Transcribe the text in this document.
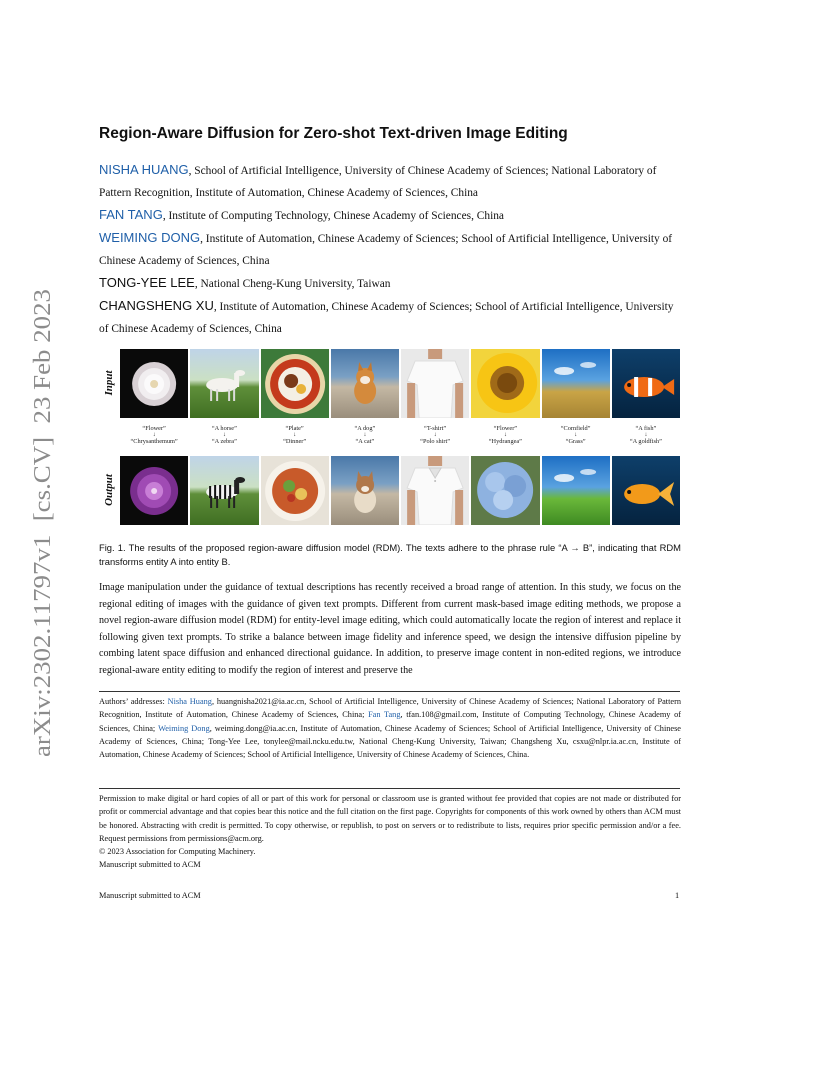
arXiv:2302.11797v1  [cs.CV]  23 Feb 2023
Region-Aware Diffusion for Zero-shot Text-driven Image Editing

NISHA HUANG, School of Artificial Intelligence, University of Chinese Academy of Sciences; National Laboratory of Pattern Recognition, Institute of Automation, Chinese Academy of Sciences, China

FAN TANG, Institute of Computing Technology, Chinese Academy of Sciences, China

WEIMING DONG, Institute of Automation, Chinese Academy of Sciences; School of Artificial Intelligence, University of Chinese Academy of Sciences, China

TONG-YEE LEE, National Cheng-Kung University, Taiwan

CHANGSHENG XU, Institute of Automation, Chinese Academy of Sciences; School of Artificial Intelligence, University of Chinese Academy of Sciences, China

Input
Output
“Flower”
↓
“Chrysanthemum”
“A horse”
↓
“A zebra”
“Plate”
↓
“Dinner”
“A dog”
↓
“A cat”
“T-shirt”
↓
“Polo shirt”
“Flower”
↓
“Hydrangea”
“Cornfield”
↓
“Grass”
“A fish”
↓
“A goldfish”
Fig. 1. The results of the proposed region-aware diffusion model (RDM). The texts adhere to the phrase rule “A → B”, indicating that RDM transforms entity A into entity B.
Image manipulation under the guidance of textual descriptions has recently received a broad range of attention. In this study, we focus on the regional editing of images with the guidance of given text prompts. Different from current mask-based image editing methods, we propose a novel region-aware diffusion model (RDM) for entity-level image editing, which could automatically locate the region of interest and replace it following given text prompts. To strike a balance between image fidelity and inference speed, we design the intensive diffusion pipeline by combing latent space diffusion and enhanced directional guidance. In addition, to preserve image content in non-edited regions, we introduce regional-aware entity editing to modify the region of interest and preserve the
Authors’ addresses: Nisha Huang, huangnisha2021@ia.ac.cn, School of Artificial Intelligence, University of Chinese Academy of Sciences; National Laboratory of Pattern Recognition, Institute of Automation, Chinese Academy of Sciences, China; Fan Tang, tfan.108@gmail.com, Institute of Computing Technology, Chinese Academy of Sciences, China; Weiming Dong, weiming.dong@ia.ac.cn, Institute of Automation, Chinese Academy of Sciences; School of Artificial Intelligence, University of Chinese Academy of Sciences, China; Tong-Yee Lee, tonylee@mail.ncku.edu.tw, National Cheng-Kung University, Taiwan; Changsheng Xu, csxu@nlpr.ia.ac.cn, Institute of Automation, Chinese Academy of Sciences; School of Artificial Intelligence, University of Chinese Academy of Sciences, China.
Permission to make digital or hard copies of all or part of this work for personal or classroom use is granted without fee provided that copies are not made or distributed for profit or commercial advantage and that copies bear this notice and the full citation on the first page. Copyrights for components of this work owned by others than ACM must be honored. Abstracting with credit is permitted. To copy otherwise, or republish, to post on servers or to redistribute to lists, requires prior specific permission and/or a fee. Request permissions from permissions@acm.org.
© 2023 Association for Computing Machinery.
Manuscript submitted to ACM
Manuscript submitted to ACM	1
